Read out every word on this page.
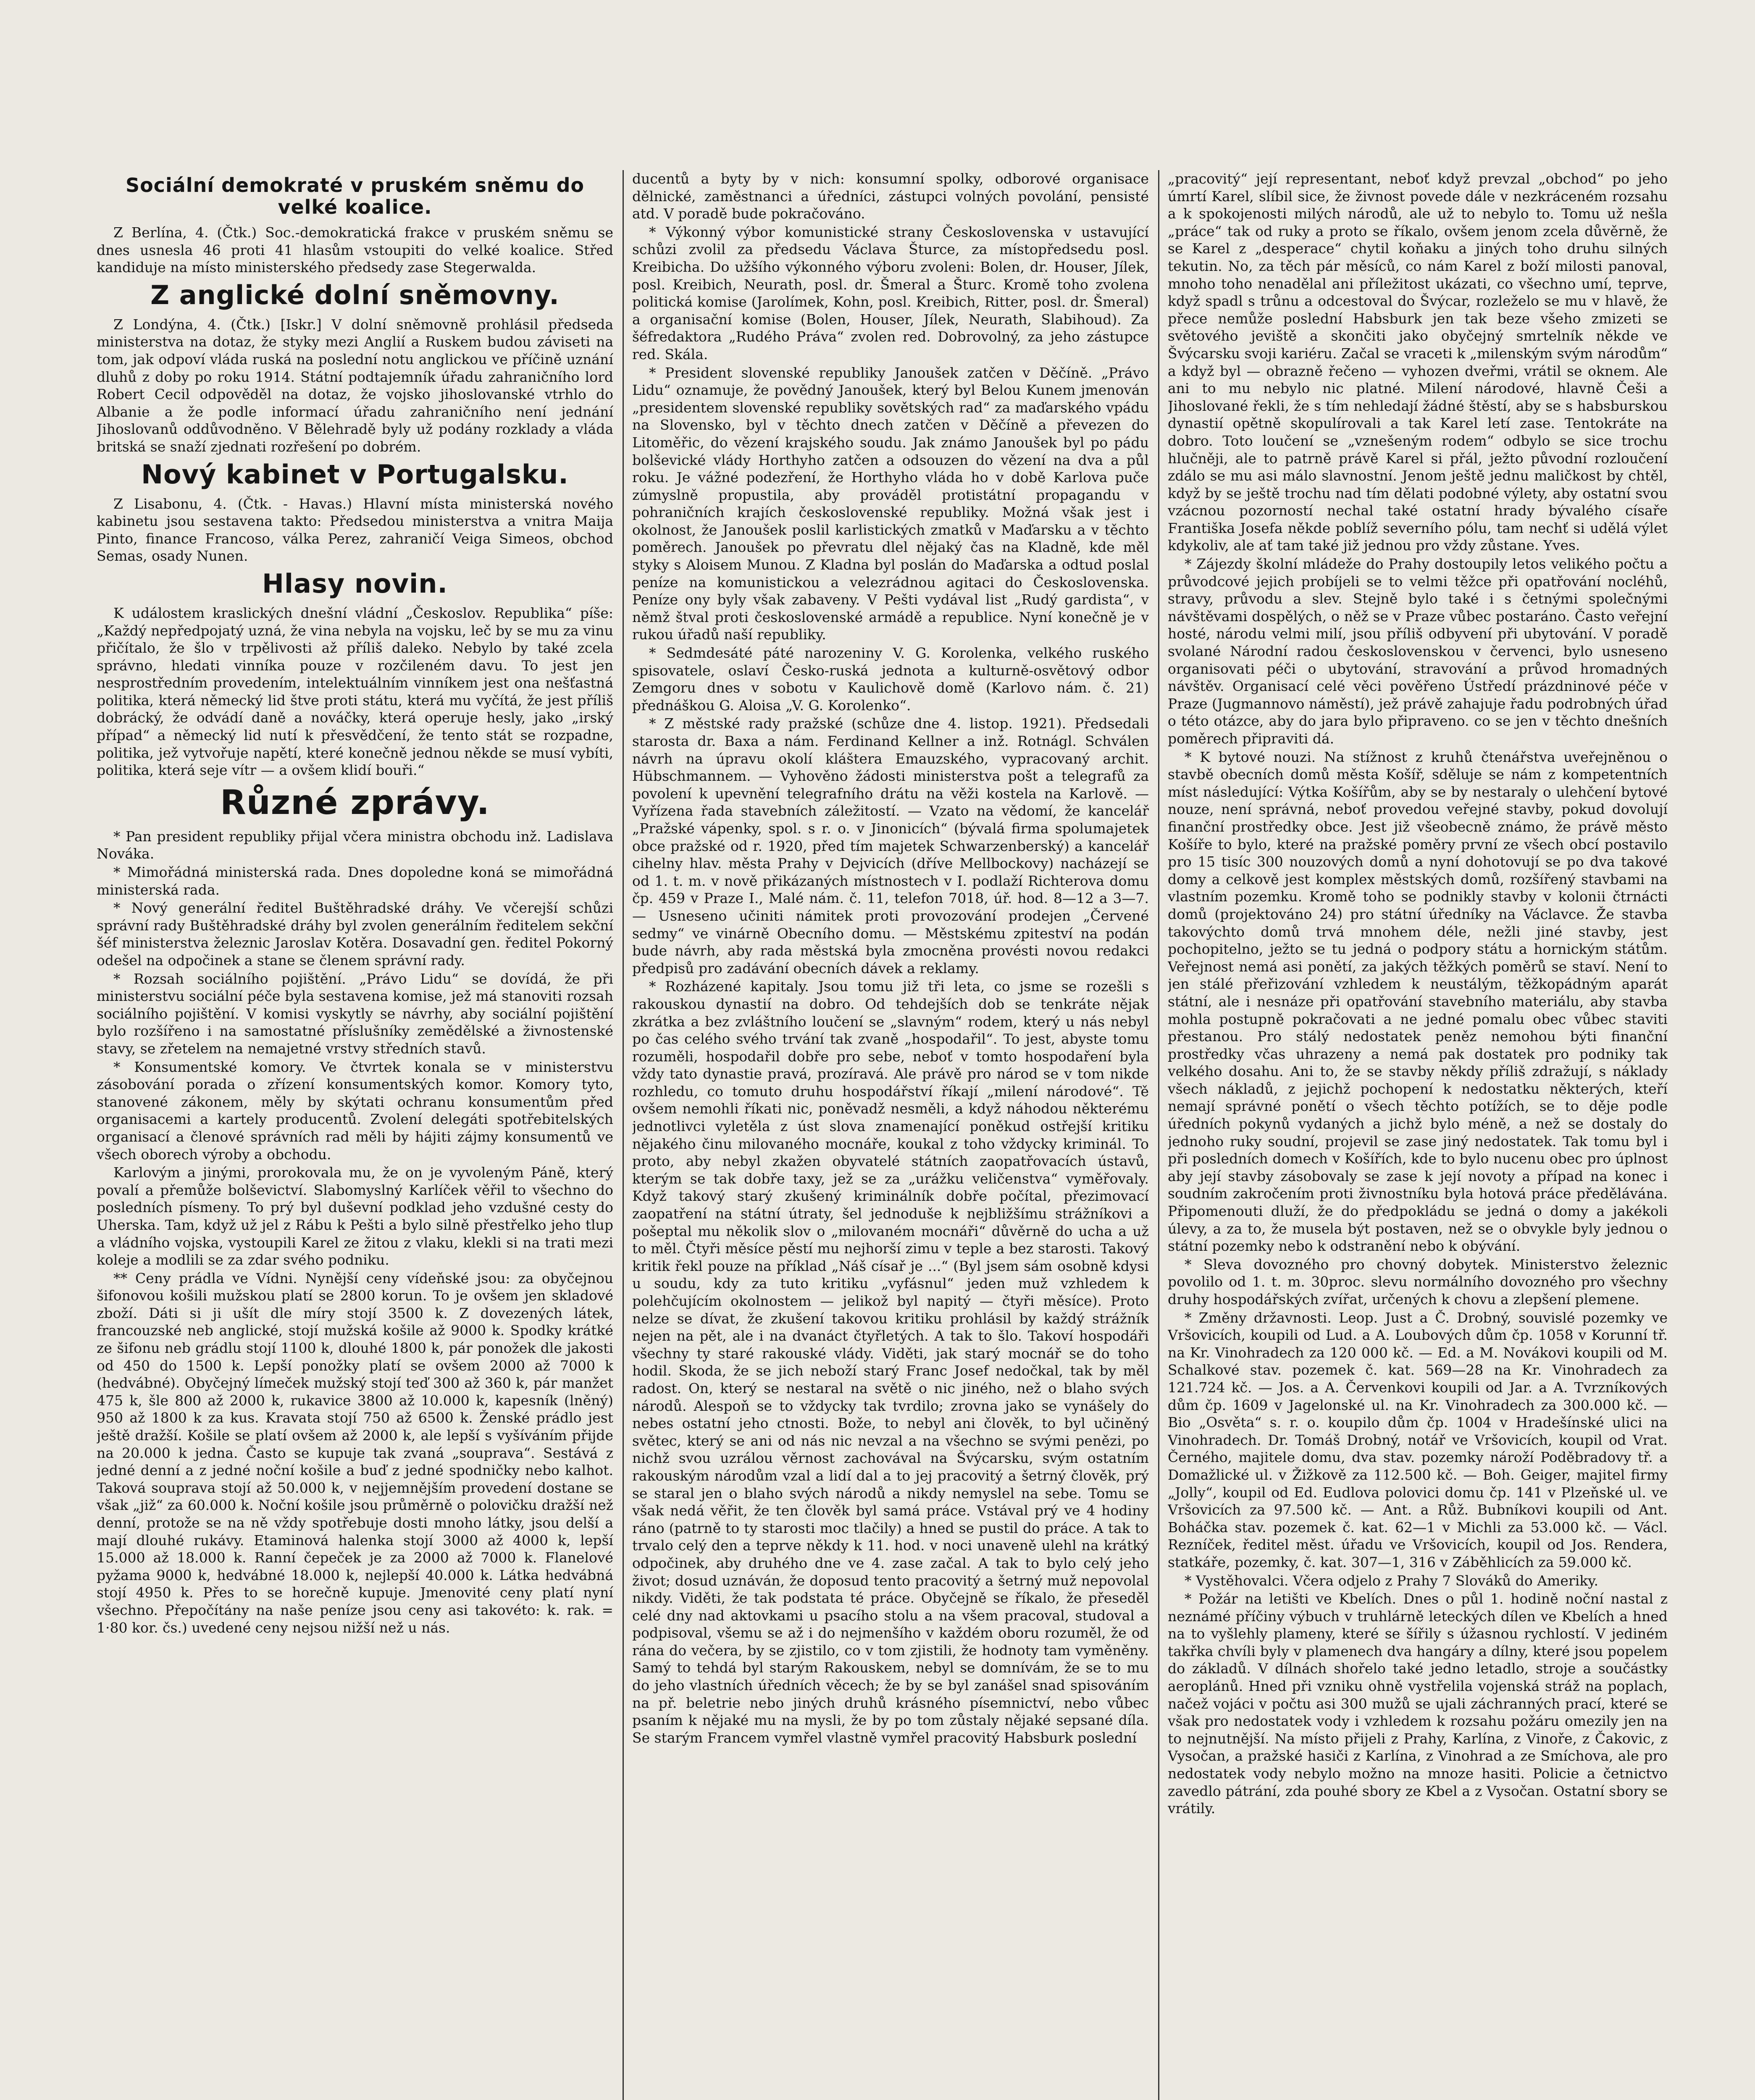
Sociální demokraté v pruském sněmu do velké koalice.

Z Berlína, 4. (Čtk.) Soc.-demokratická frakce v pruském sněmu se dnes usnesla 46 proti 41 hlasům vstoupiti do velké koalice. Střed kandiduje na místo ministerského předsedy zase Stegerwalda.

Z anglické dolní sněmovny.

Z Londýna, 4. (Čtk.) [Iskr.] V dolní sněmovně prohlásil předseda ministerstva na dotaz, že styky mezi Anglií a Ruskem budou záviseti na tom, jak odpoví vláda ruská na poslední notu anglickou ve příčině uznání dluhů z doby po roku 1914. Státní podtajemník úřadu zahraničního lord Robert Cecil odpověděl na dotaz, že vojsko jihoslovanské vtrhlo do Albanie a že podle informací úřadu zahraničního není jednání Jihoslovanů oddůvodněno. V Bělehradě byly už podány rozklady a vláda britská se snaží zjednati rozřešení po dobrém.

Nový kabinet v Portugalsku.

Z Lisabonu, 4. (Čtk. - Havas.) Hlavní místa ministerská nového kabinetu jsou sestavena takto: Předsedou ministerstva a vnitra Maija Pinto, finance Francoso, válka Perez, zahraničí Veiga Simeos, obchod Semas, osady Nunen.

Hlasy novin.

K událostem kraslických dnešní vládní „Českoslov. Republika“ píše: „Každý nepředpojatý uzná, že vina nebyla na vojsku, leč by se mu za vinu přičítalo, že šlo v trpělivosti až příliš daleko. Nebylo by také zcela správno, hledati vinníka pouze v rozčileném davu. To jest jen nesprostředním provedením, intelektuálním vinníkem jest ona nešťastná politika, která německý lid štve proti státu, která mu vyčítá, že jest příliš dobrácký, že odvádí daně a nováčky, která operuje hesly, jako „irský případ“ a německý lid nutí k přesvědčení, že tento stát se rozpadne, politika, jež vytvořuje napětí, které konečně jednou někde se musí vybíti, politika, která seje vítr — a ovšem klidí bouři.“

Různé zprávy.

* Pan president republiky přijal včera ministra obchodu inž. Ladislava Nováka.

* Mimořádná ministerská rada. Dnes dopoledne koná se mimořádná ministerská rada.

* Nový generální ředitel Buštěhradské dráhy. Ve včerejší schůzi správní rady Buštěhradské dráhy byl zvolen generálním ředitelem sekční šéf ministerstva železnic Jaroslav Kotěra. Dosavadní gen. ředitel Pokorný odešel na odpočinek a stane se členem správní rady.

* Rozsah sociálního pojištění. „Právo Lidu“ se dovídá, že při ministerstvu sociální péče byla sestavena komise, jež má stanoviti rozsah sociálního pojištění. V komisi vyskytly se návrhy, aby sociální pojištění bylo rozšířeno i na samostatné příslušníky zemědělské a živnostenské stavy, se zřetelem na nemajetné vrstvy středních stavů.

* Konsumentské komory. Ve čtvrtek konala se v ministerstvu zásobování porada o zřízení konsumentských komor. Komory tyto, stanovené zákonem, měly by skýtati ochranu konsumentům před organisacemi a kartely producentů. Zvolení delegáti spotřebitelských organisací a členové správních rad měli by hájiti zájmy konsumentů ve všech oborech výroby a obchodu.

Karlovým a jinými, prorokovala mu, že on je vyvoleným Páně, který povalí a přemůže bolševictví. Slabomyslný Karlíček věřil to všechno do posledních písmeny. To prý byl duševní podklad jeho vzdušné cesty do Uherska. Tam, když už jel z Rábu k Pešti a bylo silně přestřelko jeho tlup a vládního vojska, vystoupili Karel ze žitou z vlaku, klekli si na trati mezi koleje a modlili se za zdar svého podniku.

** Ceny prádla ve Vídni. Nynější ceny vídeňské jsou: za obyčejnou šifonovou košili mužskou platí se 2800 korun. To je ovšem jen skladové zboží. Dáti si ji ušít dle míry stojí 3500 k. Z dovezených látek, francouzské neb anglické, stojí mužská košile až 9000 k. Spodky krátké ze šifonu neb grádlu stojí 1100 k, dlouhé 1800 k, pár ponožek dle jakosti od 450 do 1500 k. Lepší ponožky platí se ovšem 2000 až 7000 k (hedvábné). Obyčejný límeček mužský stojí teď 300 až 360 k, pár manžet 475 k, šle 800 až 2000 k, rukavice 3800 až 10.000 k, kapesník (lněný) 950 až 1800 k za kus. Kravata stojí 750 až 6500 k. Ženské prádlo jest ještě dražší. Košile se platí ovšem až 2000 k, ale lepší s vyšíváním přijde na 20.000 k jedna. Často se kupuje tak zvaná „souprava“. Sestává z jedné denní a z jedné noční košile a buď z jedné spodničky nebo kalhot. Taková souprava stojí až 50.000 k, v nejjemnějším provedení dostane se však „již“ za 60.000 k. Noční košile jsou průměrně o polovičku dražší než denní, protože se na ně vždy spotřebuje dosti mnoho látky, jsou delší a mají dlouhé rukávy. Etaminová halenka stojí 3000 až 4000 k, lepší 15.000 až 18.000 k. Ranní čepeček je za 2000 až 7000 k. Flanelové pyžama 9000 k, hedvábné 18.000 k, nejlepší 40.000 k. Látka hedvábná stojí 4950 k. Přes to se horečně kupuje. Jmenovité ceny platí nyní všechno. Přepočítány na naše peníze jsou ceny asi takovéto: k. rak. = 1·80 kor. čs.) uvedené ceny nejsou nižší než u nás.

ducentů a byty by v nich: konsumní spolky, odborové organisace dělnické, zaměstnanci a úředníci, zástupci volných povolání, pensisté atd. V poradě bude pokračováno.

* Výkonný výbor komunistické strany Československa v ustavující schůzi zvolil za předsedu Václava Šturce, za místopředsedu posl. Kreibicha. Do užšího výkonného výboru zvoleni: Bolen, dr. Houser, Jílek, posl. Kreibich, Neurath, posl. dr. Šmeral a Šturc. Kromě toho zvolena politická komise (Jarolímek, Kohn, posl. Kreibich, Ritter, posl. dr. Šmeral) a organisační komise (Bolen, Houser, Jílek, Neurath, Slabihoud). Za šéfredaktora „Rudého Práva“ zvolen red. Dobrovolný, za jeho zástupce red. Skála.

* President slovenské republiky Janoušek zatčen v Děčíně. „Právo Lidu“ oznamuje, že povědný Janoušek, který byl Belou Kunem jmenován „presidentem slovenské republiky sovětských rad“ za maďarského vpádu na Slovensko, byl v těchto dnech zatčen v Děčíně a převezen do Litoměřic, do vězení krajského soudu. Jak známo Janoušek byl po pádu bolševické vlády Horthyho zatčen a odsouzen do vězení na dva a půl roku. Je vážné podezření, že Horthyho vláda ho v době Karlova puče zúmyslně propustila, aby prováděl protistátní propagandu v pohraničních krajích československé republiky. Možná však jest i okolnost, že Janoušek poslil karlistických zmatků v Maďarsku a v těchto poměrech. Janoušek po převratu dlel nějaký čas na Kladně, kde měl styky s Aloisem Munou. Z Kladna byl poslán do Maďarska a odtud poslal peníze na komunistickou a velezrádnou agitaci do Československa. Peníze ony byly však zabaveny. V Pešti vydával list „Rudý gardista“, v němž štval proti československé armádě a republice. Nyní konečně je v rukou úřadů naší republiky.

* Sedmdesáté páté narozeniny V. G. Korolenka, velkého ruského spisovatele, oslaví Česko-ruská jednota a kulturně-osvětový odbor Zemgoru dnes v sobotu v Kaulichově domě (Karlovo nám. č. 21) přednáškou G. Aloisa „V. G. Korolenko“.

* Z městské rady pražské (schůze dne 4. listop. 1921). Předsedali starosta dr. Baxa a nám. Ferdinand Kellner a inž. Rotnágl. Schválen návrh na úpravu okolí kláštera Emauzského, vypracovaný archit. Hübschmannem. — Vyhověno žádosti ministerstva pošt a telegrafů za povolení k upevnění telegrafního drátu na věži kostela na Karlově. — Vyřízena řada stavebních záležitostí. — Vzato na vědomí, že kancelář „Pražské vápenky, spol. s r. o. v Jinonicích“ (bývalá firma spolumajetek obce pražské od r. 1920, před tím majetek Schwarzenberský) a kancelář cihelny hlav. města Prahy v Dejvicích (dříve Mellbockovy) nacházejí se od 1. t. m. v nově přikázaných místnostech v I. podlaží Richterova domu čp. 459 v Praze I., Malé nám. č. 11, telefon 7018, úř. hod. 8—12 a 3—7. — Usneseno učiniti námitek proti provozování prodejen „Červené sedmy“ ve vinárně Obecního domu. — Městskému zpiteství na podán bude návrh, aby rada městská byla zmocněna provésti novou redakci předpisů pro zadávání obecních dávek a reklamy.

* Rozházené kapitaly. Jsou tomu již tři leta, co jsme se rozešli s rakouskou dynastií na dobro. Od tehdejších dob se tenkráte nějak zkrátka a bez zvláštního loučení se „slavným“ rodem, který u nás nebyl po čas celého svého trvání tak zvaně „hospodařil“. To jest, abyste tomu rozuměli, hospodařil dobře pro sebe, neboť v tomto hospodaření byla vždy tato dynastie pravá, prozíravá. Ale právě pro národ se v tom nikde rozhledu, co tomuto druhu hospodářství říkají „milení národové“. Tě ovšem nemohli říkati nic, poněvadž nesměli, a když náhodou některému jednotlivci vyletěla z úst slova znamenající poněkud ostřejší kritiku nějakého činu milovaného mocnáře, koukal z toho vždycky kriminál. To proto, aby nebyl zkažen obyvatelé státních zaopatřovacích ústavů, kterým se tak dobře taxy, jež se za „urážku veličenstva“ vyměřovaly. Když takový starý zkušený kriminálník dobře počítal, přezimovací zaopatření na státní útraty, šel jednoduše k nejbližšímu strážníkovi a pošeptal mu několik slov o „milovaném mocnáři“ důvěrně do ucha a už to měl. Čtyři měsíce pěstí mu nejhorší zimu v teple a bez starosti. Takový kritik řekl pouze na příklad „Náš císař je ...“ (Byl jsem sám osobně kdysi u soudu, kdy za tuto kritiku „vyfásnul“ jeden muž vzhledem k polehčujícím okolnostem — jelikož byl napitý — čtyři měsíce). Proto nelze se dívat, že zkušení takovou kritiku prohlásil by každý strážník nejen na pět, ale i na dvanáct čtyřletých. A tak to šlo. Takoví hospodáři všechny ty staré rakouské vlády. Viděti, jak starý mocnář se do toho hodil. Skoda, že se jich neboží starý Franc Josef nedočkal, tak by měl radost. On, který se nestaral na světě o nic jiného, než o blaho svých národů. Alespoň se to vždycky tak tvrdilo; zrovna jako se vynášely do nebes ostatní jeho ctnosti. Bože, to nebyl ani člověk, to byl učiněný světec, který se ani od nás nic nevzal a na všechno se svými penězi, po nichž svou uzrálou věrnost zachovával na Švýcarsku, svým ostatním rakouským národům vzal a lidí dal a to jej pracovitý a šetrný člověk, prý se staral jen o blaho svých národů a nikdy nemyslel na sebe. Tomu se však nedá věřit, že ten člověk byl samá práce. Vstával prý ve 4 hodiny ráno (patrně to ty starosti moc tlačily) a hned se pustil do práce. A tak to trvalo celý den a teprve někdy k 11. hod. v noci unaveně ulehl na krátký odpočinek, aby druhého dne ve 4. zase začal. A tak to bylo celý jeho život; dosud uznáván, že doposud tento pracovitý a šetrný muž nepovolal nikdy. Viděti, že tak podstata té práce. Obyčejně se říkalo, že přeseděl celé dny nad aktovkami u psacího stolu a na všem pracoval, studoval a podpisoval, všemu se až i do nejmenšího v každém oboru rozuměl, že od rána do večera, by se zjistilo, co v tom zjistili, že hodnoty tam vyměněny. Samý to tehdá byl starým Rakouskem, nebyl se domnívám, že se to mu do jeho vlastních úředních věcech; že by se byl zanášel snad spisováním na př. beletrie nebo jiných druhů krásného písemnictví, nebo vůbec psaním k nějaké mu na mysli, že by po tom zůstaly nějaké sepsané díla. Se starým Francem vymřel vlastně vymřel pracovitý Habsburk poslední

„pracovitý“ její representant, neboť když prevzal „obchod“ po jeho úmrtí Karel, slíbil sice, že živnost povede dále v nezkráceném rozsahu a k spokojenosti milých národů, ale už to nebylo to. Tomu už nešla „práce“ tak od ruky a proto se říkalo, ovšem jenom zcela důvěrně, že se Karel z „desperace“ chytil koňaku a jiných toho druhu silných tekutin. No, za těch pár měsíců, co nám Karel z boží milosti panoval, mnoho toho nenadělal ani příležitost ukázati, co všechno umí, teprve, když spadl s trůnu a odcestoval do Švýcar, rozleželo se mu v hlavě, že přece nemůže poslední Habsburk jen tak beze všeho zmizeti se světového jeviště a skončiti jako obyčejný smrtelník někde ve Švýcarsku svoji kariéru. Začal se vraceti k „milenským svým národům“ a když byl — obrazně řečeno — vyhozen dveřmi, vrátil se oknem. Ale ani to mu nebylo nic platné. Milení národové, hlavně Češi a Jihoslované řekli, že s tím nehledají žádné štěstí, aby se s habsburskou dynastií opětně skopulírovali a tak Karel letí zase. Tentokráte na dobro. Toto loučení se „vznešeným rodem“ odbylo se sice trochu hlučněji, ale to patrně právě Karel si přál, ježto původní rozloučení zdálo se mu asi málo slavnostní. Jenom ještě jednu maličkost by chtěl, když by se ještě trochu nad tím dělati podobné výlety, aby ostatní svou vzácnou pozorností nechal také ostatní hrady bývalého císaře Františka Josefa někde poblíž severního pólu, tam nechť si udělá výlet kdykoliv, ale ať tam také již jednou pro vždy zůstane. Yves.

* Zájezdy školní mládeže do Prahy dostoupily letos velikého počtu a průvodcové jejich probíjeli se to velmi těžce při opatřování nocléhů, stravy, průvodu a slev. Stejně bylo také i s četnými společnými návštěvami dospělých, o něž se v Praze vůbec postaráno. Často veřejní hosté, národu velmi milí, jsou příliš odbyvení při ubytování. V poradě svolané Národní radou československou v červenci, bylo usneseno organisovati péči o ubytování, stravování a průvod hromadných návštěv. Organisací celé věci pověřeno Ústředí prázdninové péče v Praze (Jugmannovo náměstí), jež právě zahajuje řadu podrobných úřad o této otázce, aby do jara bylo připraveno. co se jen v těchto dnešních poměrech připraviti dá.

* K bytové nouzi. Na stížnost z kruhů čtenářstva uveřejněnou o stavbě obecních domů města Košíř, sděluje se nám z kompetentních míst následující: Výtka Košířům, aby se by nestaraly o ulehčení bytové nouze, není správná, neboť provedou veřejné stavby, pokud dovolují finanční prostředky obce. Jest již všeobecně známo, že právě město Košíře to bylo, které na pražské poměry první ze všech obcí postavilo pro 15 tisíc 300 nouzových domů a nyní dohotovují se po dva takové domy a celkově jest komplex městských domů, rozšířený stavbami na vlastním pozemku. Kromě toho se podnikly stavby v kolonii čtrnácti domů (projektováno 24) pro státní úředníky na Václavce. Že stavba takovýchto domů trvá mnohem déle, nežli jiné stavby, jest pochopitelno, ježto se tu jedná o podpory státu a hornickým státům. Veřejnost nemá asi ponětí, za jakých těžkých poměrů se staví. Není to jen stálé přeřizování vzhledem k neustálým, těžkopádným aparát státní, ale i nesnáze při opatřování stavebního materiálu, aby stavba mohla postupně pokračovati a ne jedné pomalu obec vůbec staviti přestanou. Pro stálý nedostatek peněz nemohou býti finanční prostředky včas uhrazeny a nemá pak dostatek pro podniky tak velkého dosahu. Ani to, že se stavby někdy příliš zdražují, s náklady všech nákladů, z jejichž pochopení k nedostatku některých, kteří nemají správné ponětí o všech těchto potížích, se to děje podle úředních pokynů vydaných a jichž bylo méně, a než se dostaly do jednoho ruky soudní, projevil se zase jiný nedostatek. Tak tomu byl i při posledních domech v Košířích, kde to bylo nucenu obec pro úplnost aby její stavby zásobovaly se zase k její novoty a případ na konec i soudním zakročením proti živnostníku byla hotová práce předělávána. Připomenouti dluží, že do předpokládu se jedná o domy a jakékoli úlevy, a za to, že musela být postaven, než se o obvykle byly jednou o státní pozemky nebo k odstranění nebo k obývání.

* Sleva dovozného pro chovný dobytek. Ministerstvo železnic povolilo od 1. t. m. 30proc. slevu normálního dovozného pro všechny druhy hospodářských zvířat, určených k chovu a zlepšení plemene.

* Změny državnosti. Leop. Just a Č. Drobný, souvislé pozemky ve Vršovicích, koupili od Lud. a A. Loubových dům čp. 1058 v Korunní tř. na Kr. Vinohradech za 120 000 kč. — Ed. a M. Novákovi koupili od M. Schalkové stav. pozemek č. kat. 569—28 na Kr. Vinohradech za 121.724 kč. — Jos. a A. Červenkovi koupili od Jar. a A. Tvrzníkových dům čp. 1609 v Jagelonské ul. na Kr. Vinohradech za 300.000 kč. — Bio „Osvěta“ s. r. o. koupilo dům čp. 1004 v Hradešínské ulici na Vinohradech. Dr. Tomáš Drobný, notář ve Vršovicích, koupil od Vrat. Černého, majitele domu, dva stav. pozemky nároží Poděbradovy tř. a Domažlické ul. v Žižkově za 112.500 kč. — Boh. Geiger, majitel firmy „Jolly“, koupil od Ed. Eudlova polovici domu čp. 141 v Plzeňské ul. ve Vršovicích za 97.500 kč. — Ant. a Růž. Bubníkovi koupili od Ant. Boháčka stav. pozemek č. kat. 62—1 v Michli za 53.000 kč. — Václ. Rezníček, ředitel měst. úřadu ve Vršovicích, koupil od Jos. Rendera, statkáře, pozemky, č. kat. 307—1, 316 v Záběhlicích za 59.000 kč.

* Vystěhovalci. Včera odjelo z Prahy 7 Slováků do Ameriky.

* Požár na letišti ve Kbelích. Dnes o půl 1. hodině noční nastal z neznámé příčiny výbuch v truhlárně leteckých dílen ve Kbelích a hned na to vyšlehly plameny, které se šířily s úžasnou rychlostí. V jediném takřka chvíli byly v plamenech dva hangáry a dílny, které jsou popelem do základů. V dílnách shořelo také jedno letadlo, stroje a součástky aeroplánů. Hned při vzniku ohně vystřelila vojenská stráž na poplach, načež vojáci v počtu asi 300 mužů se ujali záchranných prací, které se však pro nedostatek vody i vzhledem k rozsahu požáru omezily jen na to nejnutnější. Na místo přijeli z Prahy, Karlína, z Vinoře, z Čakovic, z Vysočan, a pražské hasiči z Karlína, z Vinohrad a ze Smíchova, ale pro nedostatek vody nebylo možno na mnoze hasiti. Policie a četnictvo zavedlo pátrání, zda pouhé sbory ze Kbel a z Vysočan. Ostatní sbory se vrátily.
